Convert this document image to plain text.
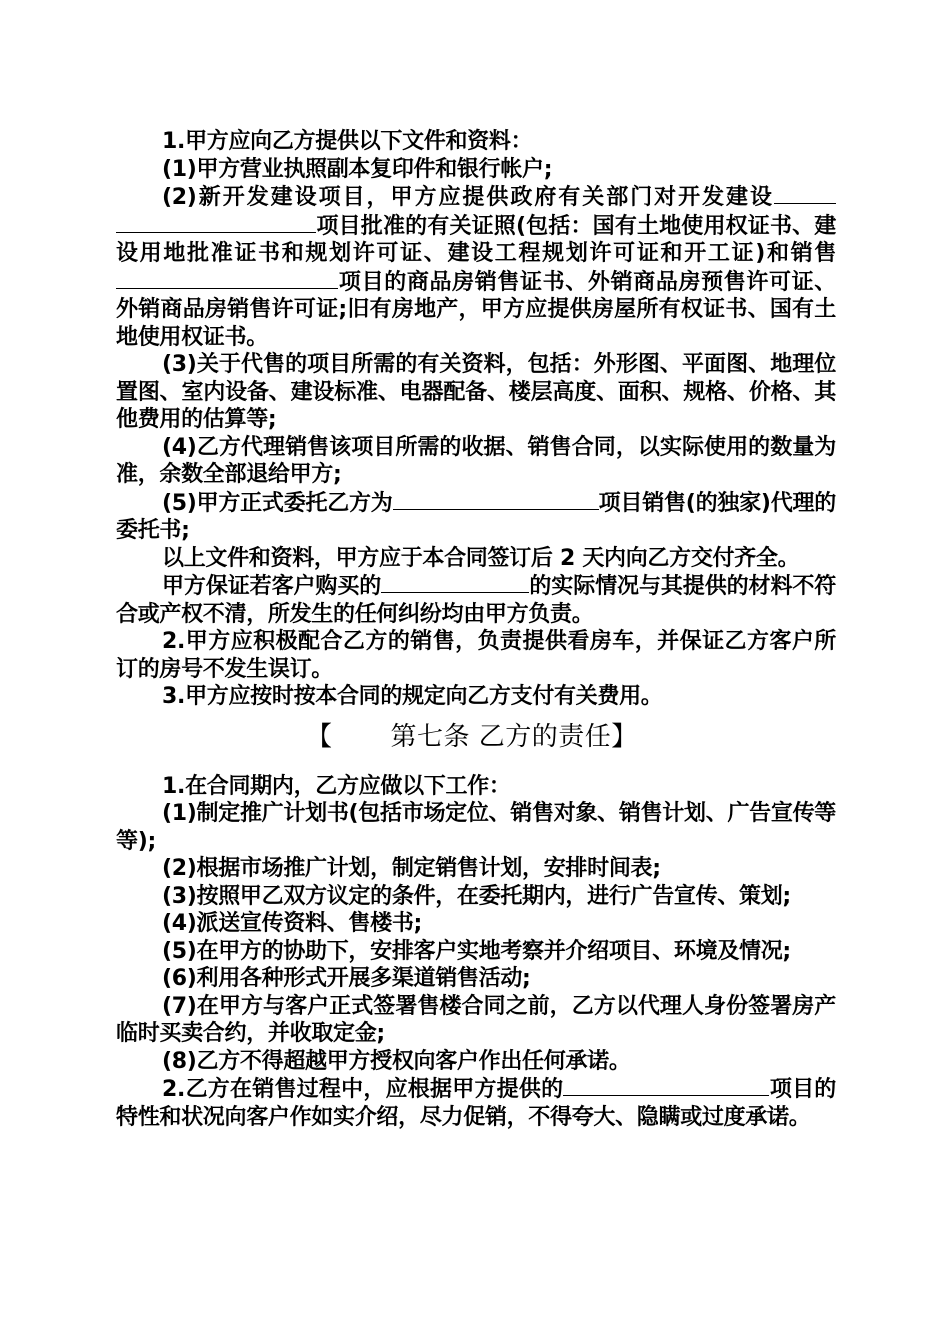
1.甲方应向乙方提供以下文件和资料：

(1)甲方营业执照副本复印件和银行帐户;

(2)新开发建设项目，甲方应提供政府有关部门对开发建设项目批准的有关证照(包括：国有土地使用权证书、建设用地批准证书和规划许可证、建设工程规划许可证和开工证)和销售项目的商品房销售证书、外销商品房预售许可证、外销商品房销售许可证;旧有房地产，甲方应提供房屋所有权证书、国有土地使用权证书。

(3)关于代售的项目所需的有关资料，包括：外形图、平面图、地理位置图、室内设备、建设标准、电器配备、楼层高度、面积、规格、价格、其他费用的估算等;

(4)乙方代理销售该项目所需的收据、销售合同，以实际使用的数量为准，余数全部退给甲方;

(5)甲方正式委托乙方为	项目销售(的独家)代理的委托书;

以上文件和资料，甲方应于本合同签订后 2 天内向乙方交付齐全。

甲方保证若客户购买的	的实际情况与其提供的材料不符合或产权不清，所发生的任何纠纷均由甲方负责。

2.甲方应积极配合乙方的销售，负责提供看房车，并保证乙方客户所订的房号不发生误订。

3.甲方应按时按本合同的规定向乙方支付有关费用。

【 第七条 乙方的责任】

1.在合同期内，乙方应做以下工作：

(1)制定推广计划书(包括市场定位、销售对象、销售计划、广告宣传等等);

(2)根据市场推广计划，制定销售计划，安排时间表;

(3)按照甲乙双方议定的条件，在委托期内，进行广告宣传、策划;

(4)派送宣传资料、售楼书;

(5)在甲方的协助下，安排客户实地考察并介绍项目、环境及情况;

(6)利用各种形式开展多渠道销售活动;

(7)在甲方与客户正式签署售楼合同之前，乙方以代理人身份签署房产临时买卖合约，并收取定金;

(8)乙方不得超越甲方授权向客户作出任何承诺。

2.乙方在销售过程中，应根据甲方提供的	项目的特性和状况向客户作如实介绍，尽力促销，不得夸大、隐瞒或过度承诺。
